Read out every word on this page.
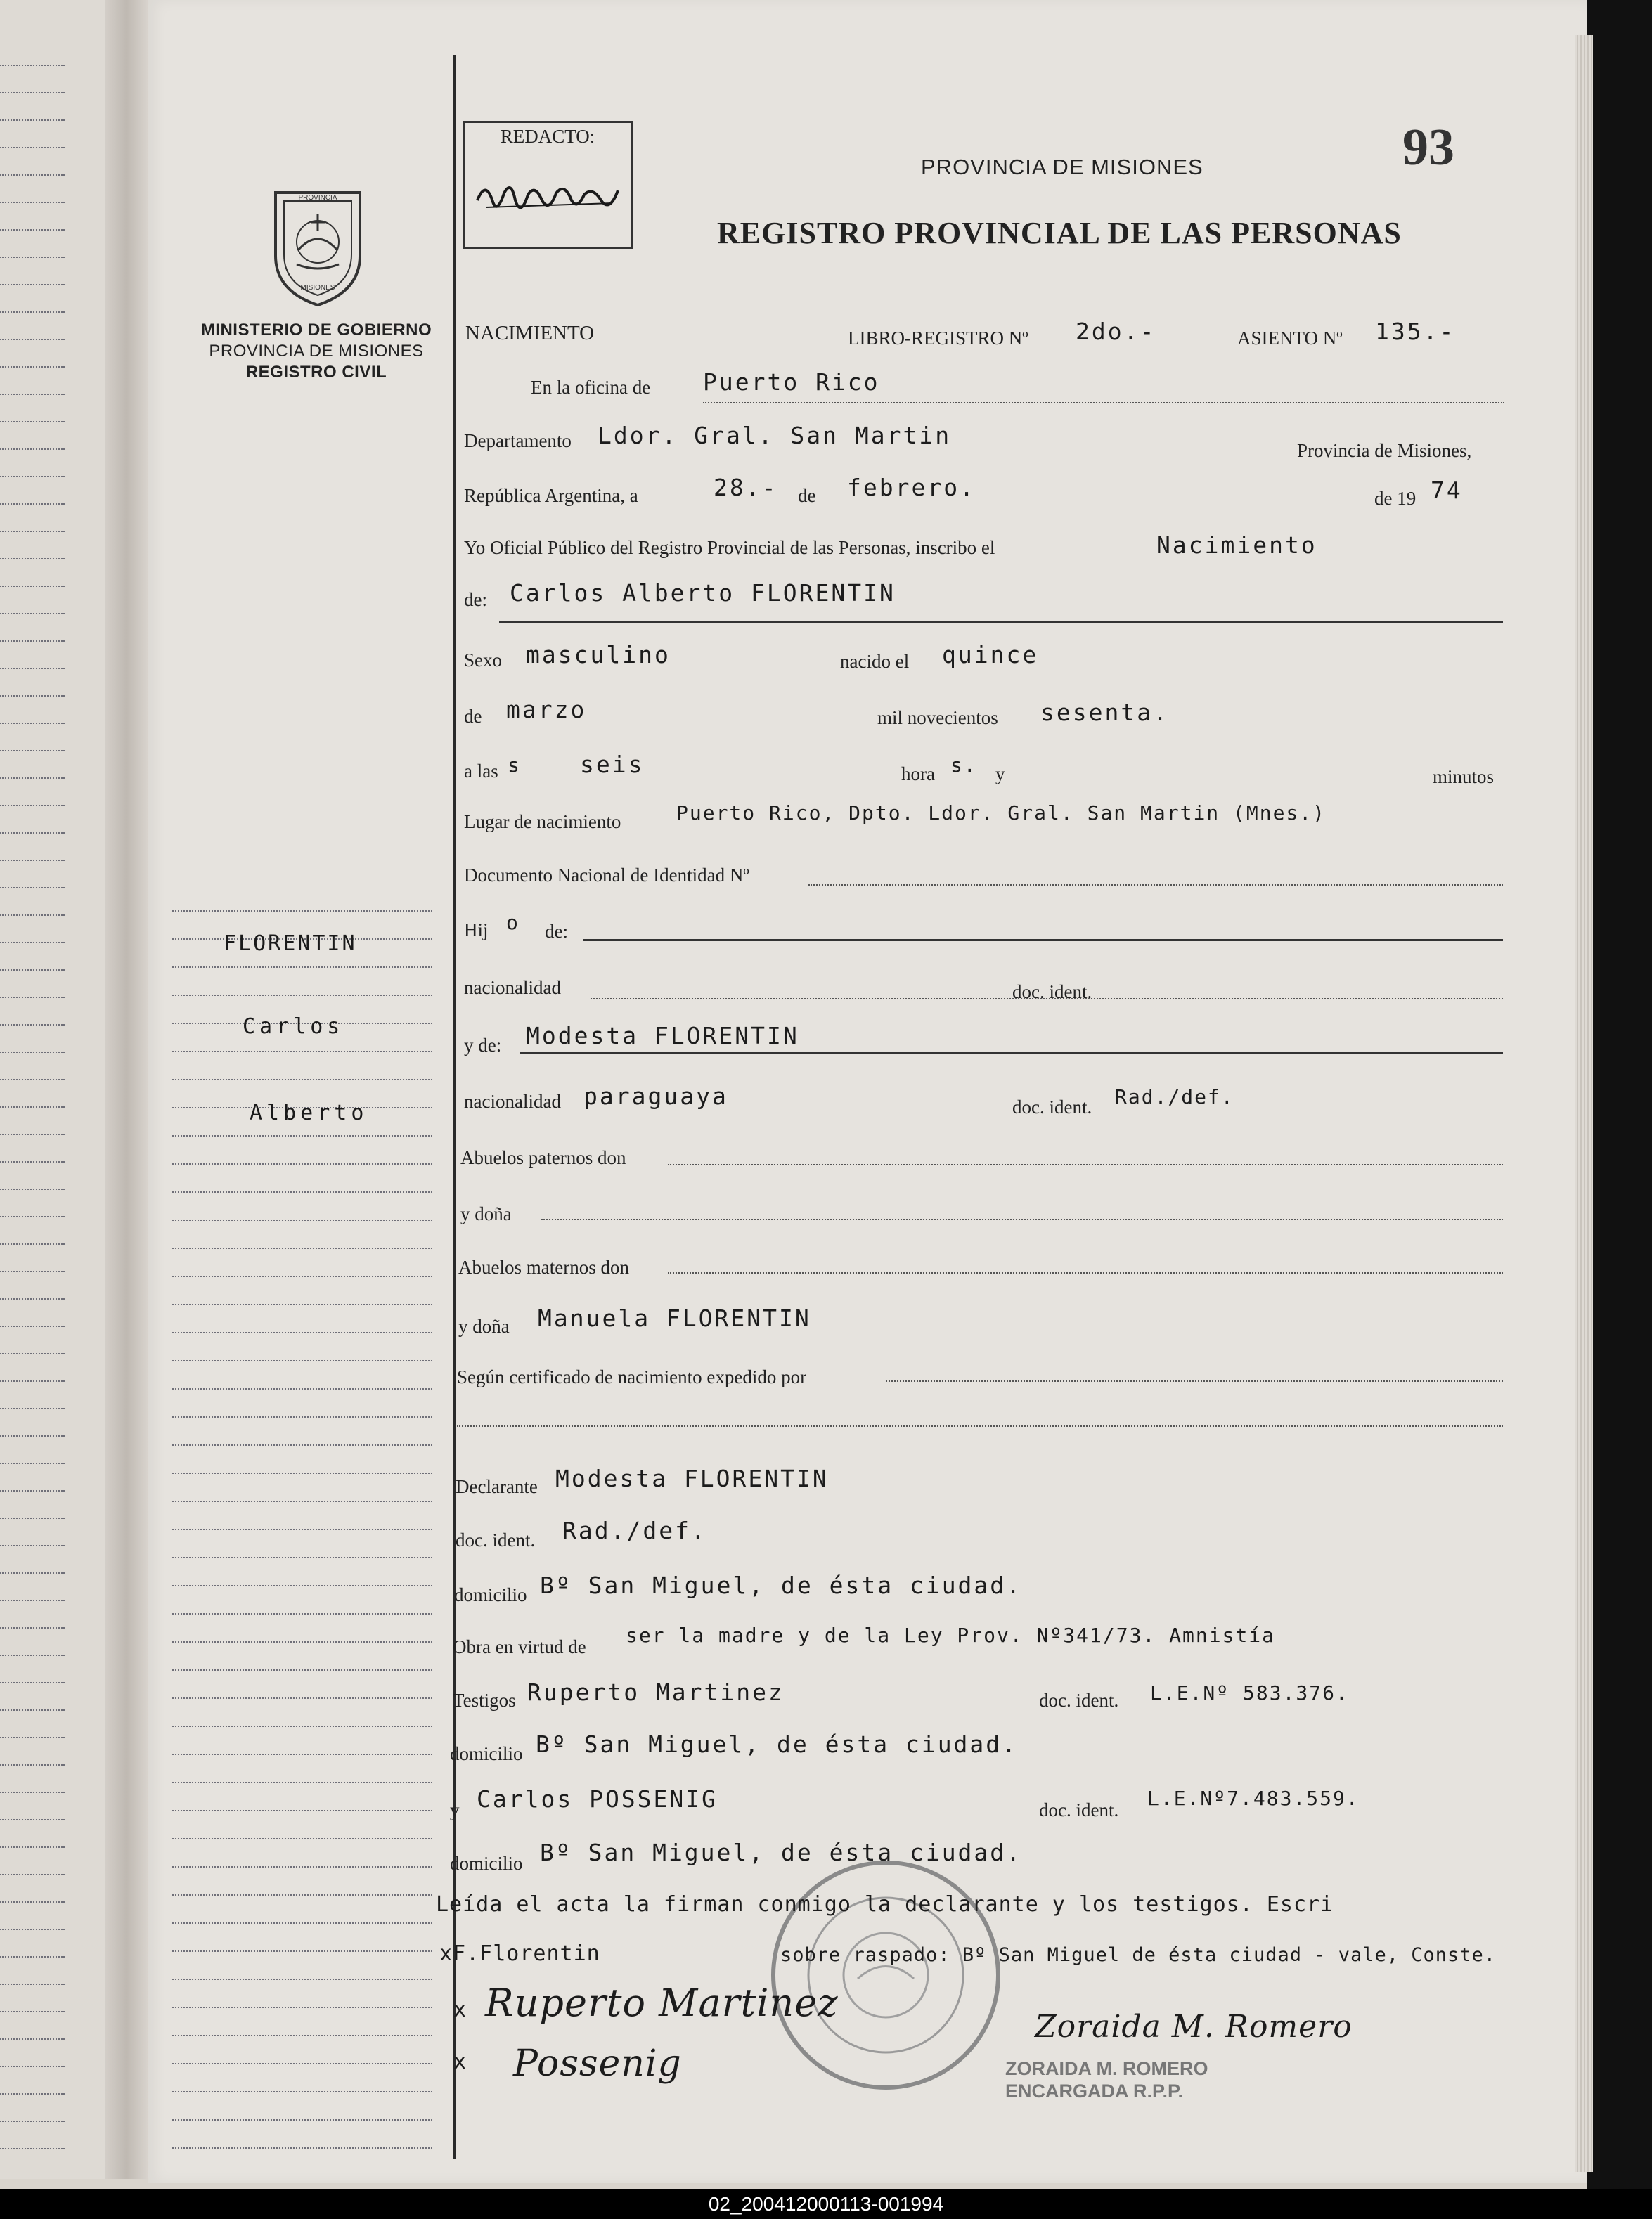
PROVINCIA
MISIONES
MINISTERIO DE GOBIERNO
PROVINCIA DE MISIONES
REGISTRO CIVIL
FLORENTIN
Carlos
Alberto
REDACTO:	93
PROVINCIA DE MISIONES
REGISTRO PROVINCIAL DE LAS PERSONAS
NACIMIENTO	LIBRO-REGISTRO Nº 2do.-	ASIENTO Nº 135.-
En la oficina de Puerto Rico
Departamento Ldor. Gral. San Martin
Provincia de Misiones,
República Argentina, a	28.- de febrero.	de 19 74
Yo Oficial Público del Registro Provincial de las Personas, inscribo el	Nacimiento
de: Carlos Alberto FLORENTIN
Sexo masculino	nacido el quince
de marzo	mil novecientos sesenta.
a las s	seis	hora s. y	minutos
Lugar de nacimiento	Puerto Rico, Dpto. Ldor. Gral. San Martin (Mnes.)
Documento Nacional de Identidad Nº
Hij o de:
nacionalidad	doc. ident.
y de: Modesta FLORENTIN
nacionalidad paraguaya	doc. ident. Rad./def.
Abuelos paternos don
y doña
Abuelos maternos don
y doña Manuela FLORENTIN
Según certificado de nacimiento expedido por
Declarante Modesta FLORENTIN
doc. ident. Rad./def.
domicilio Bº San Miguel, de ésta ciudad.
Obra en virtud de ser la madre y de la Ley Prov. Nº341/73. Amnistía
Testigos Ruperto Martinez	doc. ident. L.E.Nº 583.376.
domicilio Bº San Miguel, de ésta ciudad.
y Carlos POSSENIG	doc. ident. L.E.Nº7.483.559.
domicilio Bº San Miguel, de ésta ciudad.
Leída el acta la firman conmigo la declarante y los testigos. Escri
xF.Florentin	sobre raspado: Bº San Miguel de ésta ciudad - vale, Conste.
x Ruperto Martinez
x Possenig
Zoraida M. Romero
ZORAIDA M. ROMERO
ENCARGADA R.P.P.
02_200412000113-001994
